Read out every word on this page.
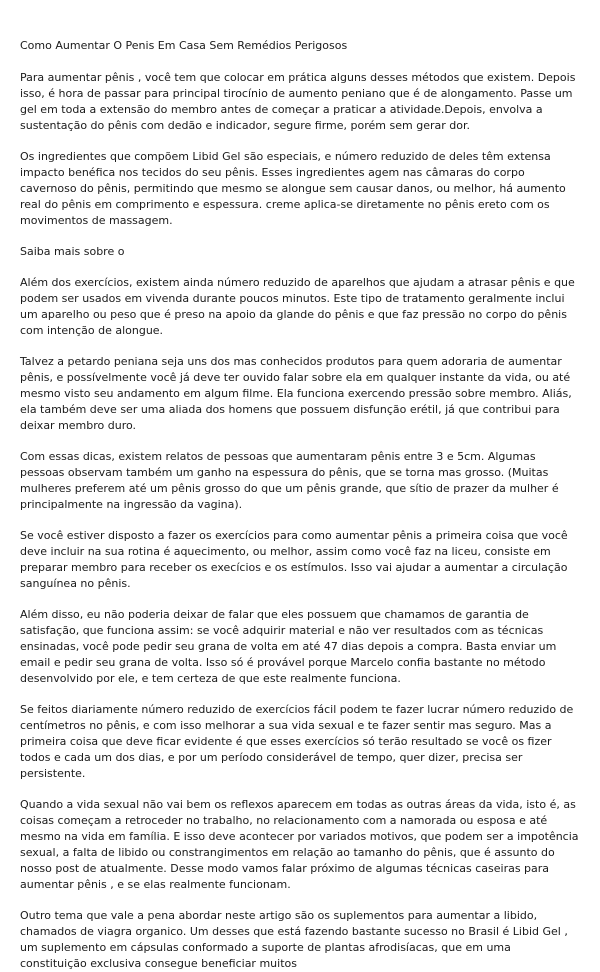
Como Aumentar O Penis Em Casa Sem Remédios Perigosos

Para aumentar pênis , você tem que colocar em prática alguns desses métodos que existem. Depois isso, é hora de passar para principal tirocínio de aumento peniano que é de alongamento. Passe um gel em toda a extensão do membro antes de começar a praticar a atividade.Depois, envolva a sustentação do pênis com dedão e indicador, segure firme, porém sem gerar dor.

Os ingredientes que compõem Libid Gel são especiais, e número reduzido de deles têm extensa impacto benéfica nos tecidos do seu pênis. Esses ingredientes agem nas câmaras do corpo cavernoso do pênis, permitindo que mesmo se alongue sem causar danos, ou melhor, há aumento real do pênis em comprimento e espessura. creme aplica-se diretamente no pênis ereto com os movimentos de massagem.

Saiba mais sobre o

Além dos exercícios, existem ainda número reduzido de aparelhos que ajudam a atrasar pênis e que podem ser usados em vivenda durante poucos minutos. Este tipo de tratamento geralmente inclui um aparelho ou peso que é preso na apoio da glande do pênis e que faz pressão no corpo do pênis com intenção de alongue.

Talvez a petardo peniana seja uns dos mas conhecidos produtos para quem adoraria de aumentar pênis, e possívelmente você já deve ter ouvido falar sobre ela em qualquer instante da vida, ou até mesmo visto seu andamento em algum filme. Ela funciona exercendo pressão sobre membro. Aliás, ela também deve ser uma aliada dos homens que possuem disfunção erétil, já que contribui para deixar membro duro.

Com essas dicas, existem relatos de pessoas que aumentaram pênis entre 3 e 5cm. Algumas pessoas observam também um ganho na espessura do pênis, que se torna mas grosso. (Muitas mulheres preferem até um pênis grosso do que um pênis grande, que sítio de prazer da mulher é principalmente na ingressão da vagina).

Se você estiver disposto a fazer os exercícios para como aumentar pênis a primeira coisa que você deve incluir na sua rotina é aquecimento, ou melhor, assim como você faz na liceu, consiste em preparar membro para receber os execícios e os estímulos. Isso vai ajudar a aumentar a circulação sanguínea no pênis.

Além disso, eu não poderia deixar de falar que eles possuem que chamamos de garantia de satisfação, que funciona assim: se você adquirir material e não ver resultados com as técnicas ensinadas, você pode pedir seu grana de volta em até 47 dias depois a compra. Basta enviar um email e pedir seu grana de volta. Isso só é provável porque Marcelo confia bastante no método desenvolvido por ele, e tem certeza de que este realmente funciona.

Se feitos diariamente número reduzido de exercícios fácil podem te fazer lucrar número reduzido de centímetros no pênis, e com isso melhorar a sua vida sexual e te fazer sentir mas seguro. Mas a primeira coisa que deve ficar evidente é que esses exercícios só terão resultado se você os fizer todos e cada um dos dias, e por um período considerável de tempo, quer dizer, precisa ser persistente.

Quando a vida sexual não vai bem os reflexos aparecem em todas as outras áreas da vida, isto é, as coisas começam a retroceder no trabalho, no relacionamento com a namorada ou esposa e até mesmo na vida em família. E isso deve acontecer por variados motivos, que podem ser a impotência sexual, a falta de libido ou constrangimentos em relação ao tamanho do pênis, que é assunto do nosso post de atualmente. Desse modo vamos falar próximo de algumas técnicas caseiras para aumentar pênis , e se elas realmente funcionam.

Outro tema que vale a pena abordar neste artigo são os suplementos para aumentar a libido, chamados de viagra organico. Um desses que está fazendo bastante sucesso no Brasil é Libid Gel , um suplemento em cápsulas conformado a suporte de plantas afrodisíacas, que em uma constituição exclusiva consegue beneficiar muitos
